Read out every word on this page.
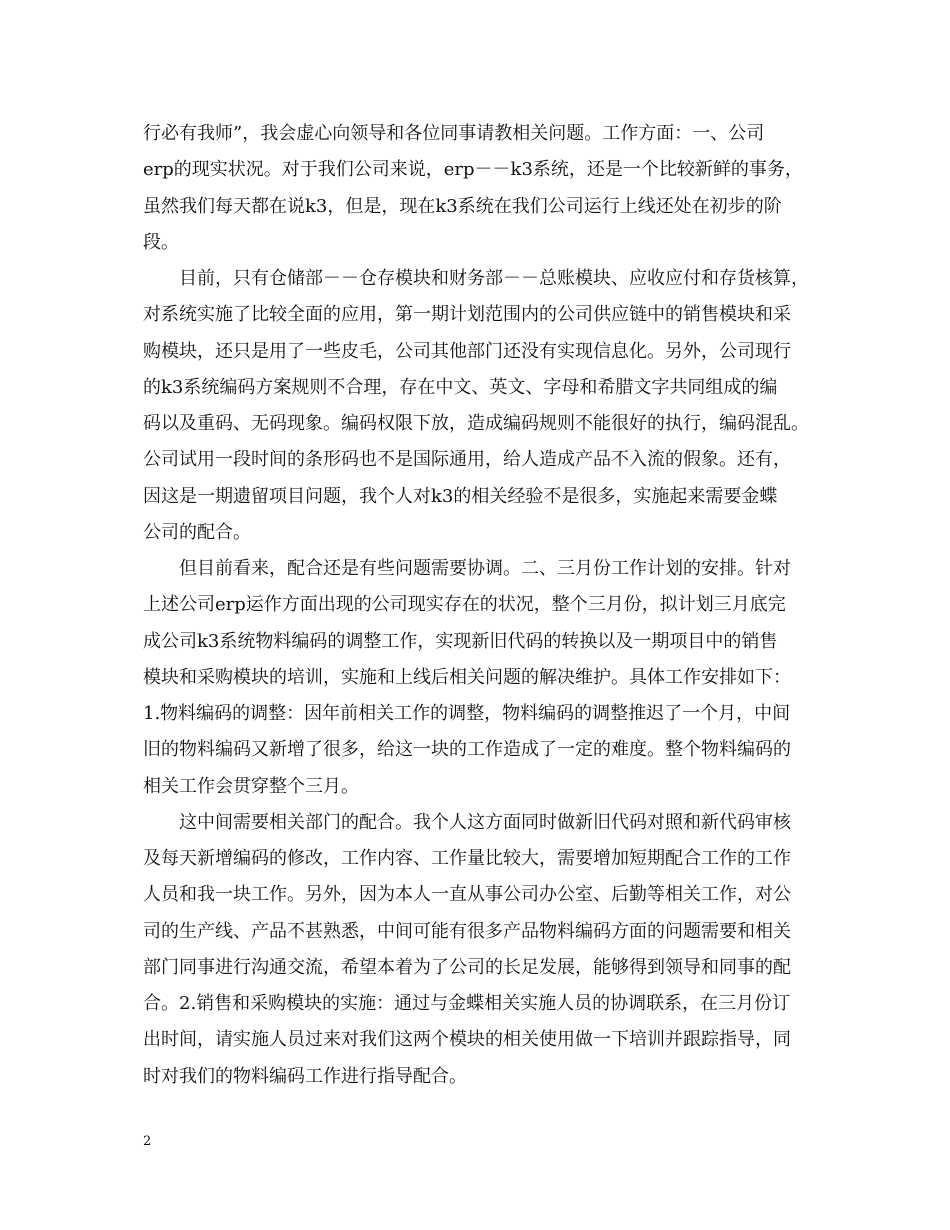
行必有我师”，我会虚心向领导和各位同事请教相关问题。工作方面：一、公司
erp的现实状况。对于我们公司来说，erp－－k3系统，还是一个比较新鲜的事务，
虽然我们每天都在说k3，但是，现在k3系统在我们公司运行上线还处在初步的阶
段。
目前，只有仓储部－－仓存模块和财务部－－总账模块、应收应付和存货核算，
对系统实施了比较全面的应用，第一期计划范围内的公司供应链中的销售模块和采
购模块，还只是用了一些皮毛，公司其他部门还没有实现信息化。另外，公司现行
的k3系统编码方案规则不合理，存在中文、英文、字母和希腊文字共同组成的编
码以及重码、无码现象。编码权限下放，造成编码规则不能很好的执行，编码混乱。
公司试用一段时间的条形码也不是国际通用，给人造成产品不入流的假象。还有，
因这是一期遗留项目问题，我个人对k3的相关经验不是很多，实施起来需要金蝶
公司的配合。
但目前看来，配合还是有些问题需要协调。二、三月份工作计划的安排。针对
上述公司erp运作方面出现的公司现实存在的状况，整个三月份，拟计划三月底完
成公司k3系统物料编码的调整工作，实现新旧代码的转换以及一期项目中的销售
模块和采购模块的培训，实施和上线后相关问题的解决维护。具体工作安排如下：
1.物料编码的调整：因年前相关工作的调整，物料编码的调整推迟了一个月，中间
旧的物料编码又新增了很多，给这一块的工作造成了一定的难度。整个物料编码的
相关工作会贯穿整个三月。
这中间需要相关部门的配合。我个人这方面同时做新旧代码对照和新代码审核
及每天新增编码的修改，工作内容、工作量比较大，需要增加短期配合工作的工作
人员和我一块工作。另外，因为本人一直从事公司办公室、后勤等相关工作，对公
司的生产线、产品不甚熟悉，中间可能有很多产品物料编码方面的问题需要和相关
部门同事进行沟通交流，希望本着为了公司的长足发展，能够得到领导和同事的配
合。2.销售和采购模块的实施：通过与金蝶相关实施人员的协调联系，在三月份订
出时间，请实施人员过来对我们这两个模块的相关使用做一下培训并跟踪指导，同
时对我们的物料编码工作进行指导配合。
2
